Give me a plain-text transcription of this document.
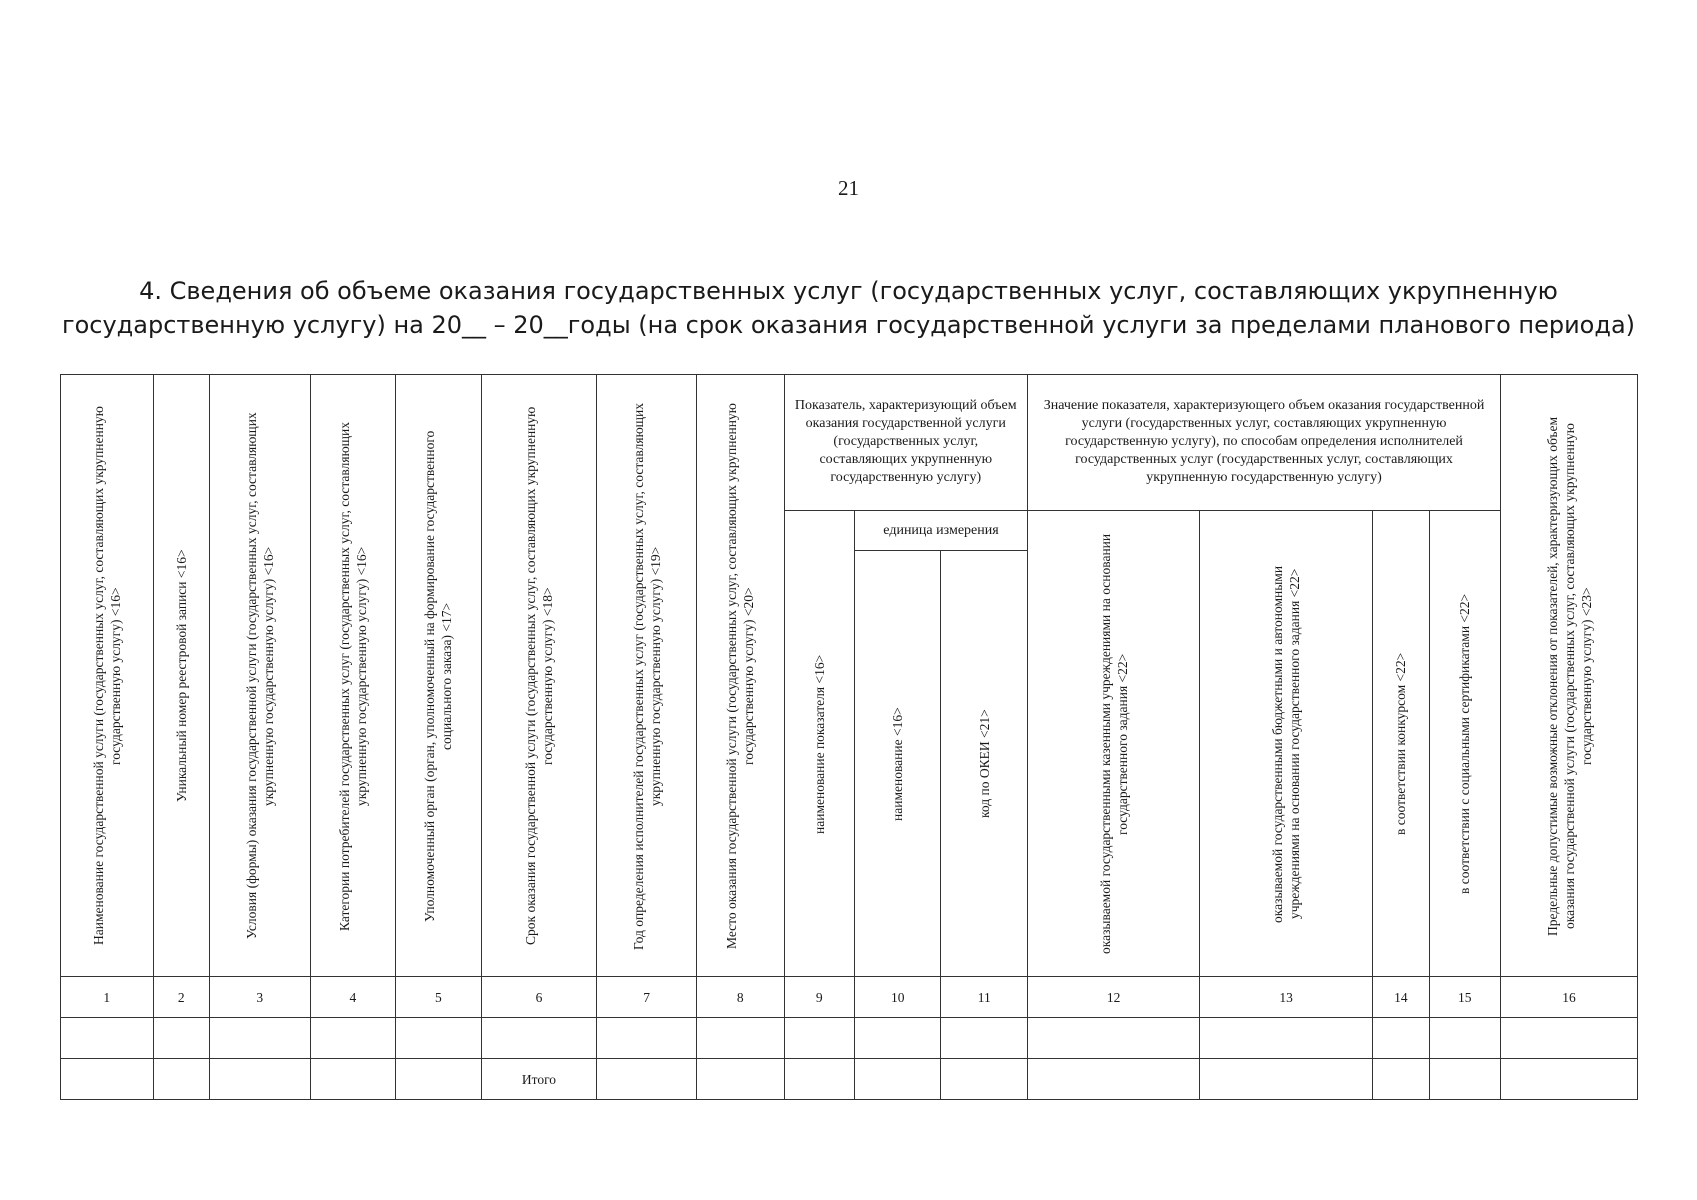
21
4. Сведения об объеме оказания государственных услуг (государственных услуг, составляющих укрупненную
государственную услугу) на 20__ – 20__годы (на срок оказания государственной услуги за пределами планового периода)
Наименование государственной услуги (государственных услуг, составляющих укрупненную государственную услугу) <16>	Уникальный номер реестровой записи <16>	Условия (формы) оказания государственной услуги (государственных услуг, составляющих укрупненную государственную услугу) <16>	Категории потребителей государственных услуг (государственных услуг, составляющих укрупненную государственную услугу) <16>	Уполномоченный орган (орган, уполномоченный на формирование государственного социального заказа) <17>	Срок оказания государственной услуги (государственных услуг, составляющих укрупненную государственную услугу) <18>	Год определения исполнителей государственных услуг (государственных услуг, составляющих укрупненную государственную услугу) <19>	Место оказания государственной услуги (государственных услуг, составляющих укрупненную государственную услугу) <20>	Показатель, характеризующий объем оказания государственной услуги (государственных услуг, составляющих укрупненную государственную услугу)			Значение показателя, характеризующего объем оказания государственной услуги (государственных услуг, составляющих укрупненную государственную услугу), по способам определения исполнителей государственных услуг (государственных услуг, составляющих укрупненную государственную услугу)				Предельные допустимые возможные отклонения от показателей, характеризующих объем оказания государственной услуги (государственных услуг, составляющих укрупненную государственную услугу) <23>

								наименование показателя <16>	единица измерения		оказываемой государственными казенными учреждениями на основании государственного задания <22>	оказываемой государственными бюджетными и автономными учреждениями на основании государственного задания <22>	в соответствии конкурсом <22>	в соответствии с социальными сертификатами <22>	

									наименование <16>	код по ОКЕИ <21>					

1	2	3	4	5	6	7	8	9	10	11	12	13	14	15	16

					Итого										
